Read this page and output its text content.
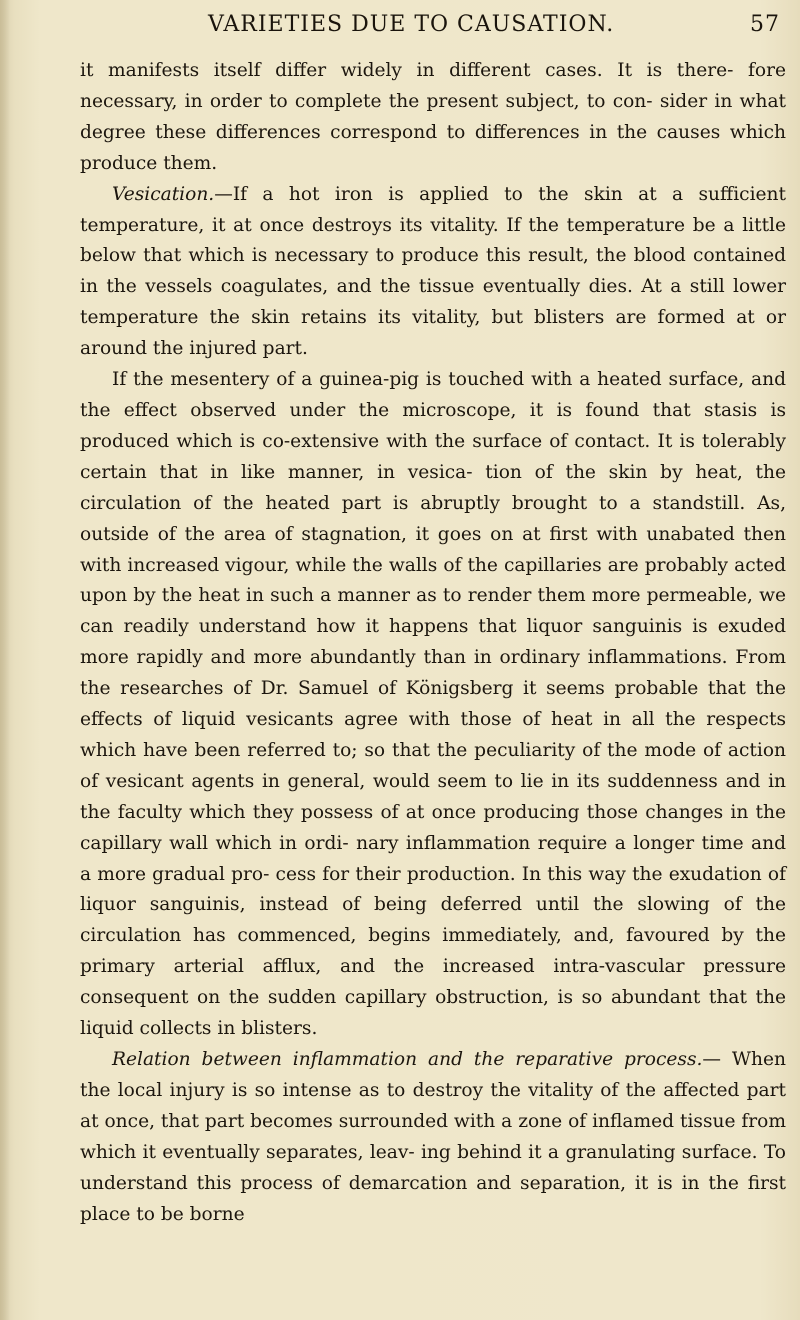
VARIETIES DUE TO CAUSATION.	57

it manifests itself differ widely in different cases. It is there- fore necessary, in order to complete the present subject, to con- sider in what degree these differences correspond to differences in the causes which produce them.

Vesication.—If a hot iron is applied to the skin at a sufficient temperature, it at once destroys its vitality. If the temperature be a little below that which is necessary to produce this result, the blood contained in the vessels coagulates, and the tissue eventually dies. At a still lower temperature the skin retains its vitality, but blisters are formed at or around the injured part.

If the mesentery of a guinea-pig is touched with a heated surface, and the effect observed under the microscope, it is found that stasis is produced which is co-extensive with the surface of contact. It is tolerably certain that in like manner, in vesica- tion of the skin by heat, the circulation of the heated part is abruptly brought to a standstill. As, outside of the area of stagnation, it goes on at first with unabated then with increased vigour, while the walls of the capillaries are probably acted upon by the heat in such a manner as to render them more permeable, we can readily understand how it happens that liquor sanguinis is exuded more rapidly and more abundantly than in ordinary inflammations. From the researches of Dr. Samuel of Königsberg it seems probable that the effects of liquid vesicants agree with those of heat in all the respects which have been referred to; so that the peculiarity of the mode of action of vesicant agents in general, would seem to lie in its suddenness and in the faculty which they possess of at once producing those changes in the capillary wall which in ordi- nary inflammation require a longer time and a more gradual pro- cess for their production. In this way the exudation of liquor sanguinis, instead of being deferred until the slowing of the circulation has commenced, begins immediately, and, favoured by the primary arterial afflux, and the increased intra-vascular pressure consequent on the sudden capillary obstruction, is so abundant that the liquid collects in blisters.

Relation between inflammation and the reparative process.— When the local injury is so intense as to destroy the vitality of the affected part at once, that part becomes surrounded with a zone of inflamed tissue from which it eventually separates, leav- ing behind it a granulating surface. To understand this process of demarcation and separation, it is in the first place to be borne
